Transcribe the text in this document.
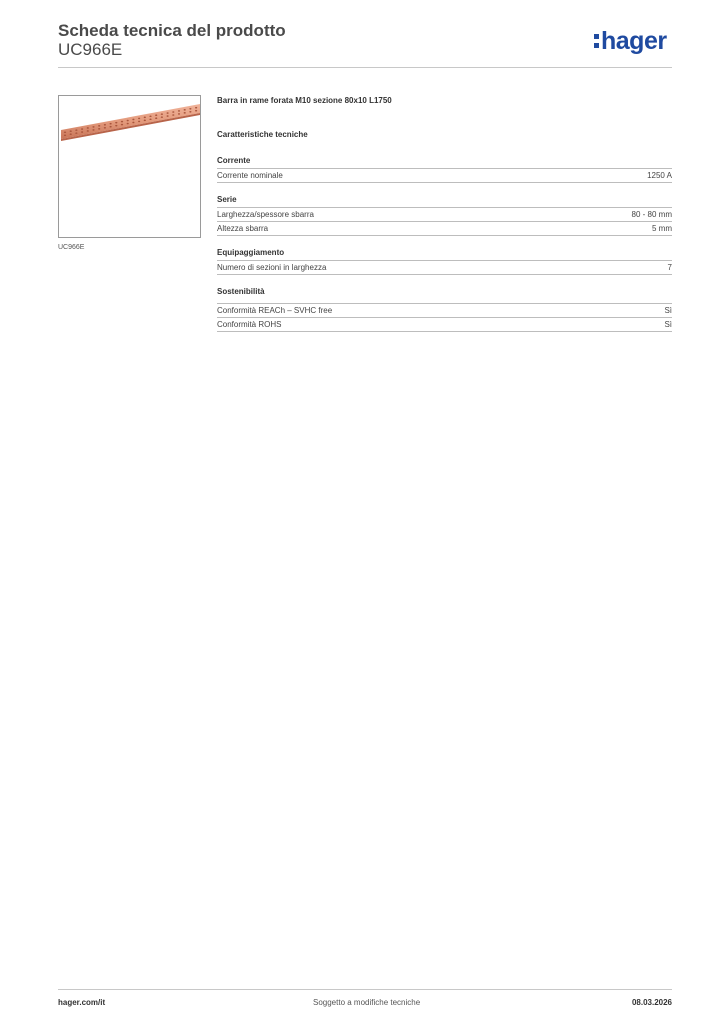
Scheda tecnica del prodotto
UC966E	hager
UC966E
Barra in rame forata M10 sezione 80x10 L1750
Caratteristiche tecniche
Corrente
Corrente nominale	1250 A
Serie
Larghezza/spessore sbarra	80 - 80 mm
Altezza sbarra	5 mm
Equipaggiamento
Numero di sezioni in larghezza	7
Sostenibilità
Conformità REACh – SVHC free	Sì
Conformità ROHS	Sì
hager.com/it	Soggetto a modifiche tecniche	08.03.2026
